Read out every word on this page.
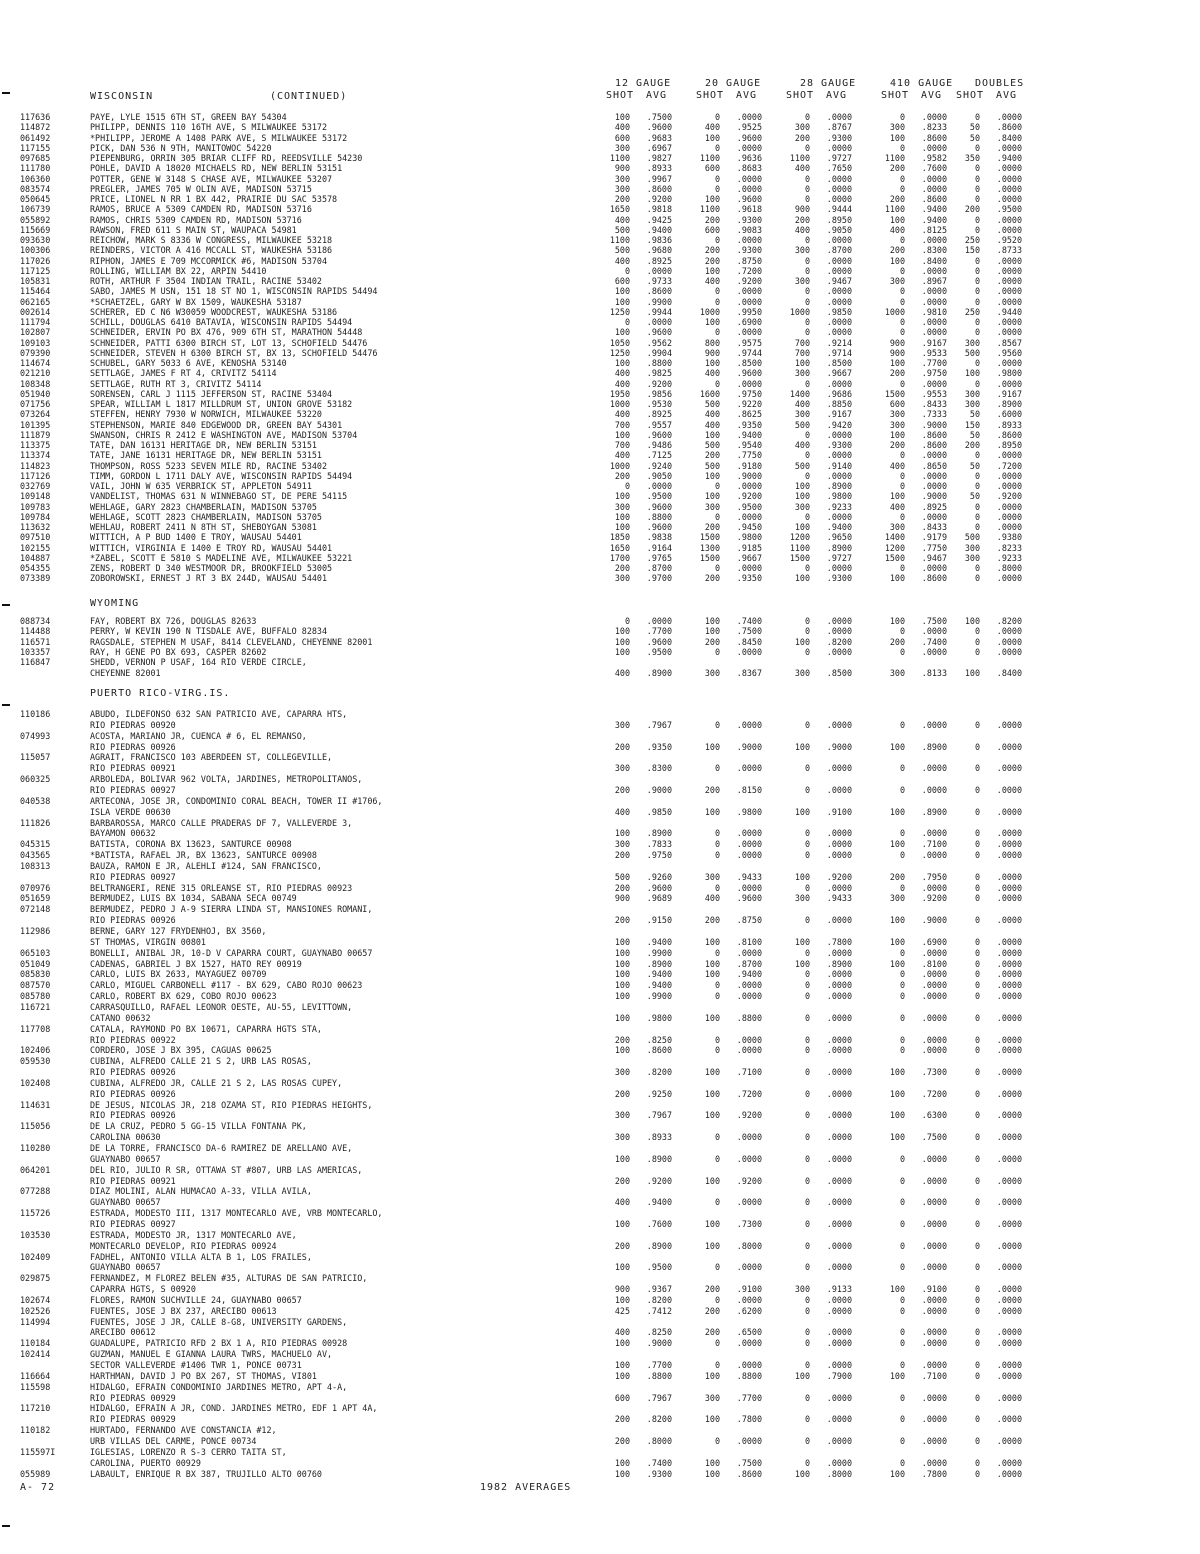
WISCONSIN	(CONTINUED)
12 GAUGE	20 GAUGE	28 GAUGE	410 GAUGE DOUBLES
SHOT AVG	SHOT AVG	SHOT AVG	SHOT AVG SHOT AVG
117636	PAYE, LYLE 1515 6TH ST, GREEN BAY 54304	100	.7500	0	.0000	0	.0000	0	.0000	0	.0000
114872	PHILIPP, DENNIS 110 16TH AVE, S MILWAUKEE 53172	400	.9600	400	.9525	300	.8767	300	.8233	50	.8600
061492	*PHILIPP, JEROME A 1408 PARK AVE, S MILWAUKEE 53172	600	.9683	100	.9600	200	.9300	100	.8600	50	.8400
117155	PICK, DAN 536 N 9TH, MANITOWOC 54220	300	.6967	0	.0000	0	.0000	0	.0000	0	.0000
097685	PIEPENBURG, ORRIN 305 BRIAR CLIFF RD, REEDSVILLE 54230	1100	.9827	1100	.9636	1100	.9727	1100	.9582	350	.9400
111780	POHLE, DAVID A 18020 MICHAELS RD, NEW BERLIN 53151	900	.8933	600	.8683	400	.7650	200	.7600	0	.0000
106360	POTTER, GENE W 3148 S CHASE AVE, MILWAUKEE 53207	300	.9967	0	.0000	0	.0000	0	.0000	0	.0000
083574	PREGLER, JAMES 705 W OLIN AVE, MADISON 53715	300	.8600	0	.0000	0	.0000	0	.0000	0	.0000
050645	PRICE, LIONEL N RR 1 BX 442, PRAIRIE DU SAC 53578	200	.9200	100	.9600	0	.0000	200	.8600	0	.0000
106739	RAMOS, BRUCE A 5309 CAMDEN RD, MADISON 53716	1650	.9818	1100	.9618	900	.9444	1100	.9400	200	.9500
055892	RAMOS, CHRIS 5309 CAMDEN RD, MADISON 53716	400	.9425	200	.9300	200	.8950	100	.9400	0	.0000
115669	RAWSON, FRED 611 S MAIN ST, WAUPACA 54981	500	.9400	600	.9083	400	.9050	400	.8125	0	.0000
093630	REICHOW, MARK S 8336 W CONGRESS, MILWAUKEE 53218	1100	.9836	0	.0000	0	.0000	0	.0000	250	.9520
100306	REINDERS, VICTOR A 416 MCCALL ST, WAUKESHA 53186	500	.9680	200	.9300	300	.8700	200	.8300	150	.8733
117026	RIPHON, JAMES E 709 MCCORMICK #6, MADISON 53704	400	.8925	200	.8750	0	.0000	100	.8400	0	.0000
117125	ROLLING, WILLIAM BX 22, ARPIN 54410	0	.0000	100	.7200	0	.0000	0	.0000	0	.0000
105831	ROTH, ARTHUR F 3504 INDIAN TRAIL, RACINE 53402	600	.9733	400	.9200	300	.9467	300	.8967	0	.0000
115464	SABO, JAMES M USN, 151 18 ST NO 1, WISCONSIN RAPIDS 54494	100	.8600	0	.0000	0	.0000	0	.0000	0	.0000
062165	*SCHAETZEL, GARY W BX 1509, WAUKESHA 53187	100	.9900	0	.0000	0	.0000	0	.0000	0	.0000
002614	SCHERER, ED C N6 W30059 WOODCREST, WAUKESHA 53186	1250	.9944	1000	.9950	1000	.9850	1000	.9810	250	.9440
111794	SCHILL, DOUGLAS 6410 BATAVIA, WISCONSIN RAPIDS 54494	0	.0000	100	.6900	0	.0000	0	.0000	0	.0000
102807	SCHNEIDER, ERVIN PO BX 476, 909 6TH ST, MARATHON 54448	100	.9600	0	.0000	0	.0000	0	.0000	0	.0000
109103	SCHNEIDER, PATTI 6300 BIRCH ST, LOT 13, SCHOFIELD 54476	1050	.9562	800	.9575	700	.9214	900	.9167	300	.8567
079390	SCHNEIDER, STEVEN H 6300 BIRCH ST, BX 13, SCHOFIELD 54476	1250	.9904	900	.9744	700	.9714	900	.9533	500	.9560
114674	SCHUBEL, GARY 5033 6 AVE, KENOSHA 53140	100	.8800	100	.8500	100	.8500	100	.7700	0	.0000
021210	SETTLAGE, JAMES F RT 4, CRIVITZ 54114	400	.9825	400	.9600	300	.9667	200	.9750	100	.9800
108348	SETTLAGE, RUTH RT 3, CRIVITZ 54114	400	.9200	0	.0000	0	.0000	0	.0000	0	.0000
051940	SORENSEN, CARL J 1115 JEFFERSON ST, RACINE 53404	1950	.9856	1600	.9750	1400	.9686	1500	.9553	300	.9167
071756	SPEAR, WILLIAM L 1817 MILLDRUM ST, UNION GROVE 53182	1000	.9530	500	.9220	400	.8850	600	.8433	300	.8900
073264	STEFFEN, HENRY 7930 W NORWICH, MILWAUKEE 53220	400	.8925	400	.8625	300	.9167	300	.7333	50	.6000
101395	STEPHENSON, MARIE 840 EDGEWOOD DR, GREEN BAY 54301	700	.9557	400	.9350	500	.9420	300	.9000	150	.8933
111879	SWANSON, CHRIS R 2412 E WASHINGTON AVE, MADISON 53704	100	.9600	100	.9400	0	.0000	100	.8600	50	.8600
113375	TATE, DAN 16131 HERITAGE DR, NEW BERLIN 53151	700	.9486	500	.9540	400	.9300	200	.8600	200	.8950
113374	TATE, JANE 16131 HERITAGE DR, NEW BERLIN 53151	400	.7125	200	.7750	0	.0000	0	.0000	0	.0000
114823	THOMPSON, ROSS 5233 SEVEN MILE RD, RACINE 53402	1000	.9240	500	.9180	500	.9140	400	.8650	50	.7200
117126	TIMM, GORDON L 1711 DALY AVE, WISCONSIN RAPIDS 54494	200	.9050	100	.9000	0	.0000	0	.0000	0	.0000
032769	VAIL, JOHN W 635 VERBRICK ST, APPLETON 54911	0	.0000	0	.0000	100	.8900	0	.0000	0	.0000
109148	VANDELIST, THOMAS 631 N WINNEBAGO ST, DE PERE 54115	100	.9500	100	.9200	100	.9800	100	.9000	50	.9200
109783	WEHLAGE, GARY 2823 CHAMBERLAIN, MADISON 53705	300	.9600	300	.9500	300	.9233	400	.8925	0	.0000
109784	WEHLAGE, SCOTT 2823 CHAMBERLAIN, MADISON 53705	100	.8800	0	.0000	0	.0000	0	.0000	0	.0000
113632	WEHLAU, ROBERT 2411 N 8TH ST, SHEBOYGAN 53081	100	.9600	200	.9450	100	.9400	300	.8433	0	.0000
097510	WITTICH, A P BUD 1400 E TROY, WAUSAU 54401	1850	.9838	1500	.9800	1200	.9650	1400	.9179	500	.9380
102155	WITTICH, VIRGINIA E 1400 E TROY RD, WAUSAU 54401	1650	.9164	1300	.9185	1100	.8900	1200	.7750	300	.8233
104887	*ZABEL, SCOTT E 5810 S MADELINE AVE, MILWAUKEE 53221	1700	.9765	1500	.9667	1500	.9727	1500	.9467	300	.9233
054355	ZENS, ROBERT D 340 WESTMOOR DR, BROOKFIELD 53005	200	.8700	0	.0000	0	.0000	0	.0000	0	.8000
073389	ZOBOROWSKI, ERNEST J RT 3 BX 244D, WAUSAU 54401	300	.9700	200	.9350	100	.9300	100	.8600	0	.0000
WYOMING
088734	FAY, ROBERT BX 726, DOUGLAS 82633	0	.0000	100	.7400	0	.0000	100	.7500	100	.8200
114488	PERRY, W KEVIN 190 N TISDALE AVE, BUFFALO 82834	100	.7700	100	.7500	0	.0000	0	.0000	0	.0000
116571	RAGSDALE, STEPHEN M USAF, 8414 CLEVELAND, CHEYENNE 82001	100	.9600	200	.8450	100	.8200	200	.7400	0	.0000
103357	RAY, H GENE PO BX 693, CASPER 82602	100	.9500	0	.0000	0	.0000	0	.0000	0	.0000
116847	SHEDD, VERNON P USAF, 164 RIO VERDE CIRCLE,
CHEYENNE 82001	400	.8900	300	.8367	300	.8500	300	.8133	100	.8400
PUERTO RICO-VIRG.IS.
110186	ABUDO, ILDEFONSO 632 SAN PATRICIO AVE, CAPARRA HTS,
RIO PIEDRAS 00920	300	.7967	0	.0000	0	.0000	0	.0000	0	.0000
074993	ACOSTA, MARIANO JR, CUENCA # 6, EL REMANSO,
RIO PIEDRAS 00926	200	.9350	100	.9000	100	.9000	100	.8900	0	.0000
115057	AGRAIT, FRANCISCO 103 ABERDEEN ST, COLLEGEVILLE,
RIO PIEDRAS 00921	300	.8300	0	.0000	0	.0000	0	.0000	0	.0000
060325	ARBOLEDA, BOLIVAR 962 VOLTA, JARDINES, METROPOLITANOS,
RIO PIEDRAS 00927	200	.9000	200	.8150	0	.0000	0	.0000	0	.0000
040538	ARTECONA, JOSE JR, CONDOMINIO CORAL BEACH, TOWER II #1706,
ISLA VERDE 00630	400	.9850	100	.9800	100	.9100	100	.8900	0	.0000
111826	BARBAROSSA, MARCO CALLE PRADERAS DF 7, VALLEVERDE 3,
BAYAMON 00632	100	.8900	0	.0000	0	.0000	0	.0000	0	.0000
045315	BATISTA, CORONA BX 13623, SANTURCE 00908	300	.7833	0	.0000	0	.0000	100	.7100	0	.0000
043565	*BATISTA, RAFAEL JR, BX 13623, SANTURCE 00908	200	.9750	0	.0000	0	.0000	0	.0000	0	.0000
108313	BAUZA, RAMON E JR, ALEHLI #124, SAN FRANCISCO,
RIO PIEDRAS 00927	500	.9260	300	.9433	100	.9200	200	.7950	0	.0000
070976	BELTRANGERI, RENE 315 ORLEANSE ST, RIO PIEDRAS 00923	200	.9600	0	.0000	0	.0000	0	.0000	0	.0000
051659	BERMUDEZ, LUIS BX 1034, SABANA SECA 00749	900	.9689	400	.9600	300	.9433	300	.9200	0	.0000
072148	BERMUDEZ, PEDRO J A-9 SIERRA LINDA ST, MANSIONES ROMANI,
RIO PIEDRAS 00926	200	.9150	200	.8750	0	.0000	100	.9000	0	.0000
112986	BERNE, GARY 127 FRYDENHOJ, BX 3560,
ST THOMAS, VIRGIN 00801	100	.9400	100	.8100	100	.7800	100	.6900	0	.0000
065103	BONELLI, ANIBAL JR, 10-D V CAPARRA COURT, GUAYNABO 00657	100	.9900	0	.0000	0	.0000	0	.0000	0	.0000
051049	CADENAS, GABRIEL J BX 1527, HATO REY 00919	100	.8900	100	.8700	100	.8900	100	.8100	0	.0000
085830	CARLO, LUIS BX 2633, MAYAGUEZ 00709	100	.9400	100	.9400	0	.0000	0	.0000	0	.0000
087570	CARLO, MIGUEL CARBONELL #117 - BX 629, CABO ROJO 00623	100	.9400	0	.0000	0	.0000	0	.0000	0	.0000
085780	CARLO, ROBERT BX 629, COBO ROJO 00623	100	.9900	0	.0000	0	.0000	0	.0000	0	.0000
116721	CARRASQUILLO, RAFAEL LEONOR OESTE, AU-55, LEVITTOWN,
CATANO 00632	100	.9800	100	.8800	0	.0000	0	.0000	0	.0000
117708	CATALA, RAYMOND PO BX 10671, CAPARRA HGTS STA,
RIO PIEDRAS 00922	200	.8250	0	.0000	0	.0000	0	.0000	0	.0000
102406	CORDERO, JOSE J BX 395, CAGUAS 00625	100	.8600	0	.0000	0	.0000	0	.0000	0	.0000
059530	CUBINA, ALFREDO CALLE 21 S 2, URB LAS ROSAS,
RIO PIEDRAS 00926	300	.8200	100	.7100	0	.0000	100	.7300	0	.0000
102408	CUBINA, ALFREDO JR, CALLE 21 S 2, LAS ROSAS CUPEY,
RIO PIEDRAS 00926	200	.9250	100	.7200	0	.0000	100	.7200	0	.0000
114631	DE JESUS, NICOLAS JR, 218 OZAMA ST, RIO PIEDRAS HEIGHTS,
RIO PIEDRAS 00926	300	.7967	100	.9200	0	.0000	100	.6300	0	.0000
115056	DE LA CRUZ, PEDRO 5 GG-15 VILLA FONTANA PK,
CAROLINA 00630	300	.8933	0	.0000	0	.0000	100	.7500	0	.0000
110280	DE LA TORRE, FRANCISCO DA-6 RAMIREZ DE ARELLANO AVE,
GUAYNABO 00657	100	.8900	0	.0000	0	.0000	0	.0000	0	.0000
064201	DEL RIO, JULIO R SR, OTTAWA ST #807, URB LAS AMERICAS,
RIO PIEDRAS 00921	200	.9200	100	.9200	0	.0000	0	.0000	0	.0000
077288	DIAZ MOLINI, ALAN HUMACAO A-33, VILLA AVILA,
GUAYNABO 00657	400	.9400	0	.0000	0	.0000	0	.0000	0	.0000
115726	ESTRADA, MODESTO III, 1317 MONTECARLO AVE, VRB MONTECARLO,
RIO PIEDRAS 00927	100	.7600	100	.7300	0	.0000	0	.0000	0	.0000
103530	ESTRADA, MODESTO JR, 1317 MONTECARLO AVE,
MONTECARLO DEVELOP, RIO PIEDRAS 00924	200	.8900	100	.8000	0	.0000	0	.0000	0	.0000
102409	FADHEL, ANTONIO VILLA ALTA B 1, LOS FRAILES,
GUAYNABO 00657	100	.9500	0	.0000	0	.0000	0	.0000	0	.0000
029875	FERNANDEZ, M FLOREZ BELEN #35, ALTURAS DE SAN PATRICIO,
CAPARRA HGTS, S 00920	900	.9367	200	.9100	300	.9133	100	.9100	0	.0000
102674	FLORES, RAMON SUCHVILLE 24, GUAYNABO 00657	100	.8200	0	.0000	0	.0000	0	.0000	0	.0000
102526	FUENTES, JOSE J BX 237, ARECIBO 00613	425	.7412	200	.6200	0	.0000	0	.0000	0	.0000
114994	FUENTES, JOSE J JR, CALLE 8-G8, UNIVERSITY GARDENS,
ARECIBO 00612	400	.8250	200	.6500	0	.0000	0	.0000	0	.0000
110184	GUADALUPE, PATRICIO RFD 2 BX 1 A, RIO PIEDRAS 00928	100	.9000	0	.0000	0	.0000	0	.0000	0	.0000
102414	GUZMAN, MANUEL E GIANNA LAURA TWRS, MACHUELO AV,
SECTOR VALLEVERDE #1406 TWR 1, PONCE 00731	100	.7700	0	.0000	0	.0000	0	.0000	0	.0000
116664	HARTHMAN, DAVID J PO BX 267, ST THOMAS, VI801	100	.8800	100	.8800	100	.7900	100	.7100	0	.0000
115598	HIDALGO, EFRAIN CONDOMINIO JARDINES METRO, APT 4-A,
RIO PIEDRAS 00929	600	.7967	300	.7700	0	.0000	0	.0000	0	.0000
117210	HIDALGO, EFRAIN A JR, COND. JARDINES METRO, EDF 1 APT 4A,
RIO PIEDRAS 00929	200	.8200	100	.7800	0	.0000	0	.0000	0	.0000
110182	HURTADO, FERNANDO AVE CONSTANCIA #12,
URB VILLAS DEL CARME, PONCE 00734	200	.8000	0	.0000	0	.0000	0	.0000	0	.0000
115597I	IGLESIAS, LORENZO R S-3 CERRO TAITA ST,
CAROLINA, PUERTO 00929	100	.7400	100	.7500	0	.0000	0	.0000	0	.0000
055989	LABAULT, ENRIQUE R BX 387, TRUJILLO ALTO 00760	100	.9300	100	.8600	100	.8000	100	.7800	0	.0000
A- 72	1982 AVERAGES
